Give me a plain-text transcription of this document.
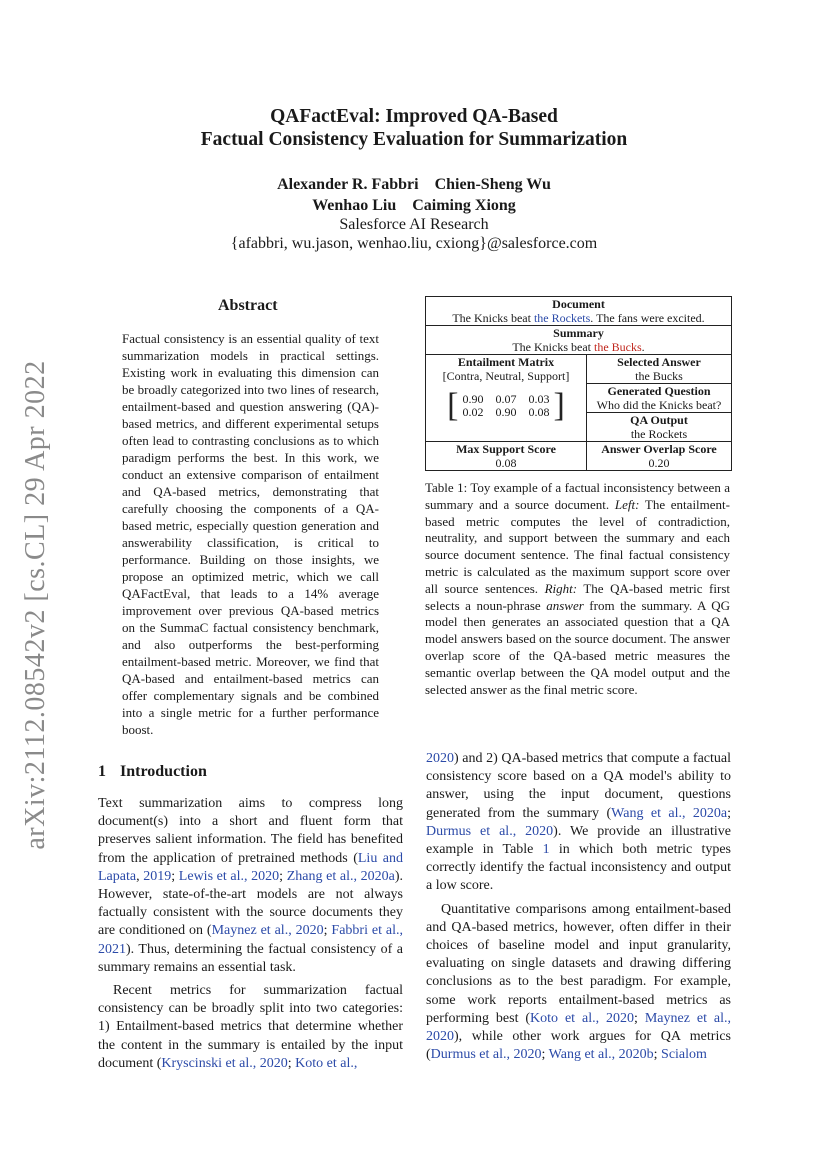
arXiv:2112.08542v2 [cs.CL] 29 Apr 2022
QAFactEval: Improved QA-Based
Factual Consistency Evaluation for Summarization
Alexander R. Fabbri Chien-Sheng Wu
Wenhao Liu Caiming Xiong
Salesforce AI Research
{afabbri, wu.jason, wenhao.liu, cxiong}@salesforce.com
Abstract
Factual consistency is an essential quality of text summarization models in practical settings. Existing work in evaluating this dimension can be broadly categorized into two lines of research, entailment-based and question answering (QA)-based metrics, and different experimental setups often lead to contrasting conclusions as to which paradigm performs the best. In this work, we conduct an extensive comparison of entailment and QA-based metrics, demonstrating that carefully choosing the components of a QA-based metric, especially question generation and answerability classification, is critical to performance. Building on those insights, we propose an optimized metric, which we call QAFactEval, that leads to a 14% average improvement over previous QA-based metrics on the SummaC factual consistency benchmark, and also outperforms the best-performing entailment-based metric. Moreover, we find that QA-based and entailment-based metrics can offer complementary signals and be combined into a single metric for a further performance boost.
Document
The Knicks beat the Rockets. The fans were excited.
Summary
The Knicks beat the Bucks.
Entailment Matrix
[Contra, Neutral, Support]
[ 0.90 0.07 0.03
0.02 0.90 0.08 ]
Selected Answer
the Bucks
Generated Question
Who did the Knicks beat?
QA Output
the Rockets
Max Support Score
0.08
Answer Overlap Score
0.20
Table 1: Toy example of a factual inconsistency between a summary and a source document. Left: The entailment-based metric computes the level of contradiction, neutrality, and support between the summary and each source document sentence. The final factual consistency metric is calculated as the maximum support score over all source sentences. Right: The QA-based metric first selects a noun-phrase answer from the summary. A QG model then generates an associated question that a QA model answers based on the source document. The answer overlap score of the QA-based metric measures the semantic overlap between the QA model output and the selected answer as the final metric score.
1 Introduction

Text summarization aims to compress long document(s) into a short and fluent form that preserves salient information. The field has benefited from the application of pretrained methods (Liu and Lapata, 2019; Lewis et al., 2020; Zhang et al., 2020a). However, state-of-the-art models are not always factually consistent with the source documents they are conditioned on (Maynez et al., 2020; Fabbri et al., 2021). Thus, determining the factual consistency of a summary remains an essential task.

Recent metrics for summarization factual consistency can be broadly split into two categories: 1) Entailment-based metrics that determine whether the content in the summary is entailed by the input document (Kryscinski et al., 2020; Koto et al.,

2020) and 2) QA-based metrics that compute a factual consistency score based on a QA model's ability to answer, using the input document, questions generated from the summary (Wang et al., 2020a; Durmus et al., 2020). We provide an illustrative example in Table 1 in which both metric types correctly identify the factual inconsistency and output a low score.

Quantitative comparisons among entailment-based and QA-based metrics, however, often differ in their choices of baseline model and input granularity, evaluating on single datasets and drawing differing conclusions as to the best paradigm. For example, some work reports entailment-based metrics as performing best (Koto et al., 2020; Maynez et al., 2020), while other work argues for QA metrics (Durmus et al., 2020; Wang et al., 2020b; Scialom
